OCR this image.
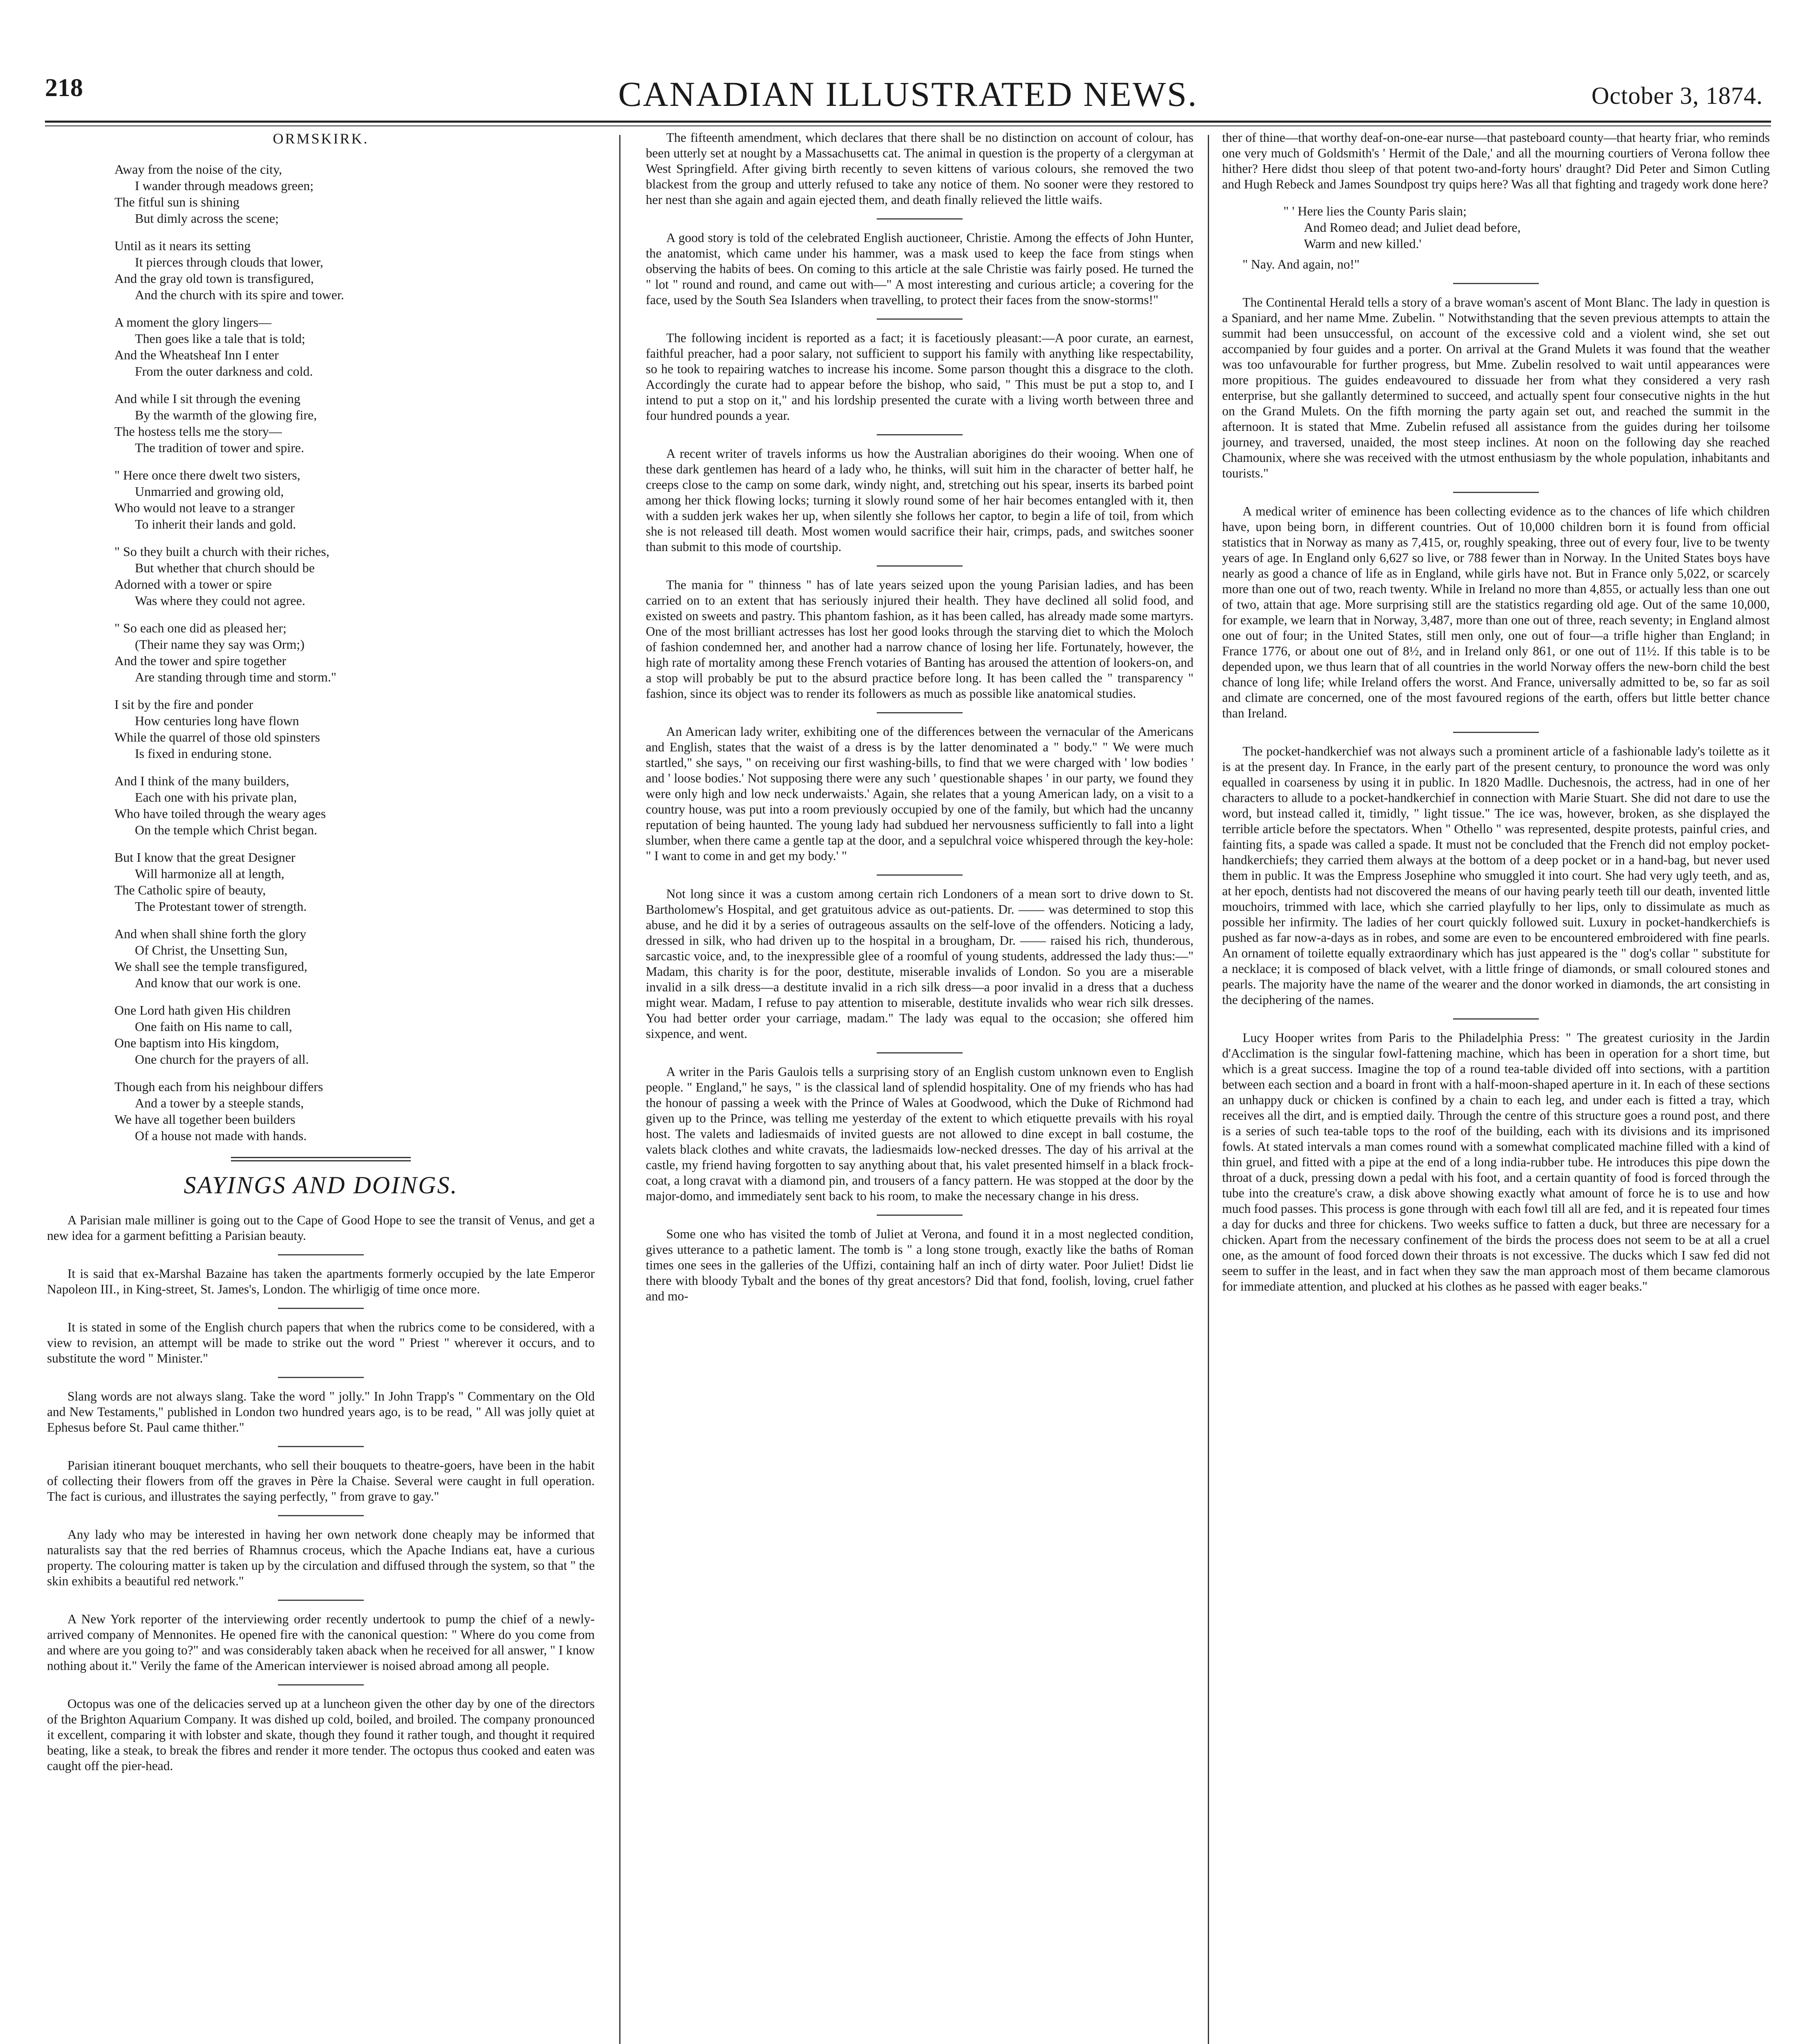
218	CANADIAN ILLUSTRATED NEWS.	October 3, 1874.
ORMSKIRK.
Away from the noise of the city,
I wander through meadows green;
The fitful sun is shining
But dimly across the scene;
Until as it nears its setting
It pierces through clouds that lower,
And the gray old town is transfigured,
And the church with its spire and tower.
A moment the glory lingers—
Then goes like a tale that is told;
And the Wheatsheaf Inn I enter
From the outer darkness and cold.
And while I sit through the evening
By the warmth of the glowing fire,
The hostess tells me the story—
The tradition of tower and spire.
" Here once there dwelt two sisters,
Unmarried and growing old,
Who would not leave to a stranger
To inherit their lands and gold.
" So they built a church with their riches,
But whether that church should be
Adorned with a tower or spire
Was where they could not agree.
" So each one did as pleased her;
(Their name they say was Orm;)
And the tower and spire together
Are standing through time and storm."
I sit by the fire and ponder
How centuries long have flown
While the quarrel of those old spinsters
Is fixed in enduring stone.
And I think of the many builders,
Each one with his private plan,
Who have toiled through the weary ages
On the temple which Christ began.
But I know that the great Designer
Will harmonize all at length,
The Catholic spire of beauty,
The Protestant tower of strength.
And when shall shine forth the glory
Of Christ, the Unsetting Sun,
We shall see the temple transfigured,
And know that our work is one.
One Lord hath given His children
One faith on His name to call,
One baptism into His kingdom,
One church for the prayers of all.
Though each from his neighbour differs
And a tower by a steeple stands,
We have all together been builders
Of a house not made with hands.
SAYINGS AND DOINGS.

A Parisian male milliner is going out to the Cape of Good Hope to see the transit of Venus, and get a new idea for a garment befitting a Parisian beauty.

It is said that ex-Marshal Bazaine has taken the apartments formerly occupied by the late Emperor Napoleon III., in King-street, St. James's, London. The whirligig of time once more.

It is stated in some of the English church papers that when the rubrics come to be considered, with a view to revision, an attempt will be made to strike out the word " Priest " wherever it occurs, and to substitute the word " Minister."

Slang words are not always slang. Take the word " jolly." In John Trapp's " Commentary on the Old and New Testaments," published in London two hundred years ago, is to be read, " All was jolly quiet at Ephesus before St. Paul came thither."

Parisian itinerant bouquet merchants, who sell their bouquets to theatre-goers, have been in the habit of collecting their flowers from off the graves in Père la Chaise. Several were caught in full operation. The fact is curious, and illustrates the saying perfectly, " from grave to gay."

Any lady who may be interested in having her own network done cheaply may be informed that naturalists say that the red berries of Rhamnus croceus, which the Apache Indians eat, have a curious property. The colouring matter is taken up by the circulation and diffused through the system, so that " the skin exhibits a beautiful red network."

A New York reporter of the interviewing order recently undertook to pump the chief of a newly-arrived company of Mennonites. He opened fire with the canonical question: " Where do you come from and where are you going to?" and was considerably taken aback when he received for all answer, " I know nothing about it." Verily the fame of the American interviewer is noised abroad among all people.

Octopus was one of the delicacies served up at a luncheon given the other day by one of the directors of the Brighton Aquarium Company. It was dished up cold, boiled, and broiled. The company pronounced it excellent, comparing it with lobster and skate, though they found it rather tough, and thought it required beating, like a steak, to break the fibres and render it more tender. The octopus thus cooked and eaten was caught off the pier-head.

The fifteenth amendment, which declares that there shall be no distinction on account of colour, has been utterly set at nought by a Massachusetts cat. The animal in question is the property of a clergyman at West Springfield. After giving birth recently to seven kittens of various colours, she removed the two blackest from the group and utterly refused to take any notice of them. No sooner were they restored to her nest than she again and again ejected them, and death finally relieved the little waifs.

A good story is told of the celebrated English auctioneer, Christie. Among the effects of John Hunter, the anatomist, which came under his hammer, was a mask used to keep the face from stings when observing the habits of bees. On coming to this article at the sale Christie was fairly posed. He turned the " lot " round and round, and came out with—" A most interesting and curious article; a covering for the face, used by the South Sea Islanders when travelling, to protect their faces from the snow-storms!"

The following incident is reported as a fact; it is facetiously pleasant:—A poor curate, an earnest, faithful preacher, had a poor salary, not sufficient to support his family with anything like respectability, so he took to repairing watches to increase his income. Some parson thought this a disgrace to the cloth. Accordingly the curate had to appear before the bishop, who said, " This must be put a stop to, and I intend to put a stop on it," and his lordship presented the curate with a living worth between three and four hundred pounds a year.

A recent writer of travels informs us how the Australian aborigines do their wooing. When one of these dark gentlemen has heard of a lady who, he thinks, will suit him in the character of better half, he creeps close to the camp on some dark, windy night, and, stretching out his spear, inserts its barbed point among her thick flowing locks; turning it slowly round some of her hair becomes entangled with it, then with a sudden jerk wakes her up, when silently she follows her captor, to begin a life of toil, from which she is not released till death. Most women would sacrifice their hair, crimps, pads, and switches sooner than submit to this mode of courtship.

The mania for " thinness " has of late years seized upon the young Parisian ladies, and has been carried on to an extent that has seriously injured their health. They have declined all solid food, and existed on sweets and pastry. This phantom fashion, as it has been called, has already made some martyrs. One of the most brilliant actresses has lost her good looks through the starving diet to which the Moloch of fashion condemned her, and another had a narrow chance of losing her life. Fortunately, however, the high rate of mortality among these French votaries of Banting has aroused the attention of lookers-on, and a stop will probably be put to the absurd practice before long. It has been called the " transparency " fashion, since its object was to render its followers as much as possible like anatomical studies.

An American lady writer, exhibiting one of the differences between the vernacular of the Americans and English, states that the waist of a dress is by the latter denominated a " body." " We were much startled," she says, " on receiving our first washing-bills, to find that we were charged with ' low bodies ' and ' loose bodies.' Not supposing there were any such ' questionable shapes ' in our party, we found they were only high and low neck underwaists.' Again, she relates that a young American lady, on a visit to a country house, was put into a room previously occupied by one of the family, but which had the uncanny reputation of being haunted. The young lady had subdued her nervousness sufficiently to fall into a light slumber, when there came a gentle tap at the door, and a sepulchral voice whispered through the key-hole: " I want to come in and get my body.' "

Not long since it was a custom among certain rich Londoners of a mean sort to drive down to St. Bartholomew's Hospital, and get gratuitous advice as out-patients. Dr. —— was determined to stop this abuse, and he did it by a series of outrageous assaults on the self-love of the offenders. Noticing a lady, dressed in silk, who had driven up to the hospital in a brougham, Dr. —— raised his rich, thunderous, sarcastic voice, and, to the inexpressible glee of a roomful of young students, addressed the lady thus:—" Madam, this charity is for the poor, destitute, miserable invalids of London. So you are a miserable invalid in a silk dress—a destitute invalid in a rich silk dress—a poor invalid in a dress that a duchess might wear. Madam, I refuse to pay attention to miserable, destitute invalids who wear rich silk dresses. You had better order your carriage, madam." The lady was equal to the occasion; she offered him sixpence, and went.

A writer in the Paris Gaulois tells a surprising story of an English custom unknown even to English people. " England," he says, " is the classical land of splendid hospitality. One of my friends who has had the honour of passing a week with the Prince of Wales at Goodwood, which the Duke of Richmond had given up to the Prince, was telling me yesterday of the extent to which etiquette prevails with his royal host. The valets and ladiesmaids of invited guests are not allowed to dine except in ball costume, the valets black clothes and white cravats, the ladiesmaids low-necked dresses. The day of his arrival at the castle, my friend having forgotten to say anything about that, his valet presented himself in a black frock-coat, a long cravat with a diamond pin, and trousers of a fancy pattern. He was stopped at the door by the major-domo, and immediately sent back to his room, to make the necessary change in his dress.

Some one who has visited the tomb of Juliet at Verona, and found it in a most neglected condition, gives utterance to a pathetic lament. The tomb is " a long stone trough, exactly like the baths of Roman times one sees in the galleries of the Uffizi, containing half an inch of dirty water. Poor Juliet! Didst lie there with bloody Tybalt and the bones of thy great ancestors? Did that fond, foolish, loving, cruel father and mo-

ther of thine—that worthy deaf-on-one-ear nurse—that pasteboard county—that hearty friar, who reminds one very much of Goldsmith's ' Hermit of the Dale,' and all the mourning courtiers of Verona follow thee hither? Here didst thou sleep of that potent two-and-forty hours' draught? Did Peter and Simon Cutling and Hugh Rebeck and James Soundpost try quips here? Was all that fighting and tragedy work done here?

" ' Here lies the County Paris slain;
And Romeo dead; and Juliet dead before,
Warm and new killed.'

" Nay. And again, no!"

The Continental Herald tells a story of a brave woman's ascent of Mont Blanc. The lady in question is a Spaniard, and her name Mme. Zubelin. " Notwithstanding that the seven previous attempts to attain the summit had been unsuccessful, on account of the excessive cold and a violent wind, she set out accompanied by four guides and a porter. On arrival at the Grand Mulets it was found that the weather was too unfavourable for further progress, but Mme. Zubelin resolved to wait until appearances were more propitious. The guides endeavoured to dissuade her from what they considered a very rash enterprise, but she gallantly determined to succeed, and actually spent four consecutive nights in the hut on the Grand Mulets. On the fifth morning the party again set out, and reached the summit in the afternoon. It is stated that Mme. Zubelin refused all assistance from the guides during her toilsome journey, and traversed, unaided, the most steep inclines. At noon on the following day she reached Chamounix, where she was received with the utmost enthusiasm by the whole population, inhabitants and tourists."

A medical writer of eminence has been collecting evidence as to the chances of life which children have, upon being born, in different countries. Out of 10,000 children born it is found from official statistics that in Norway as many as 7,415, or, roughly speaking, three out of every four, live to be twenty years of age. In England only 6,627 so live, or 788 fewer than in Norway. In the United States boys have nearly as good a chance of life as in England, while girls have not. But in France only 5,022, or scarcely more than one out of two, reach twenty. While in Ireland no more than 4,855, or actually less than one out of two, attain that age. More surprising still are the statistics regarding old age. Out of the same 10,000, for example, we learn that in Norway, 3,487, more than one out of three, reach seventy; in England almost one out of four; in the United States, still men only, one out of four—a trifle higher than England; in France 1776, or about one out of 8½, and in Ireland only 861, or one out of 11½. If this table is to be depended upon, we thus learn that of all countries in the world Norway offers the new-born child the best chance of long life; while Ireland offers the worst. And France, universally admitted to be, so far as soil and climate are concerned, one of the most favoured regions of the earth, offers but little better chance than Ireland.

The pocket-handkerchief was not always such a prominent article of a fashionable lady's toilette as it is at the present day. In France, in the early part of the present century, to pronounce the word was only equalled in coarseness by using it in public. In 1820 Madlle. Duchesnois, the actress, had in one of her characters to allude to a pocket-handkerchief in connection with Marie Stuart. She did not dare to use the word, but instead called it, timidly, " light tissue." The ice was, however, broken, as she displayed the terrible article before the spectators. When " Othello " was represented, despite protests, painful cries, and fainting fits, a spade was called a spade. It must not be concluded that the French did not employ pocket-handkerchiefs; they carried them always at the bottom of a deep pocket or in a hand-bag, but never used them in public. It was the Empress Josephine who smuggled it into court. She had very ugly teeth, and as, at her epoch, dentists had not discovered the means of our having pearly teeth till our death, invented little mouchoirs, trimmed with lace, which she carried playfully to her lips, only to dissimulate as much as possible her infirmity. The ladies of her court quickly followed suit. Luxury in pocket-handkerchiefs is pushed as far now-a-days as in robes, and some are even to be encountered embroidered with fine pearls. An ornament of toilette equally extraordinary which has just appeared is the " dog's collar " substitute for a necklace; it is composed of black velvet, with a little fringe of diamonds, or small coloured stones and pearls. The majority have the name of the wearer and the donor worked in diamonds, the art consisting in the deciphering of the names.

Lucy Hooper writes from Paris to the Philadelphia Press: " The greatest curiosity in the Jardin d'Acclimation is the singular fowl-fattening machine, which has been in operation for a short time, but which is a great success. Imagine the top of a round tea-table divided off into sections, with a partition between each section and a board in front with a half-moon-shaped aperture in it. In each of these sections an unhappy duck or chicken is confined by a chain to each leg, and under each is fitted a tray, which receives all the dirt, and is emptied daily. Through the centre of this structure goes a round post, and there is a series of such tea-table tops to the roof of the building, each with its divisions and its imprisoned fowls. At stated intervals a man comes round with a somewhat complicated machine filled with a kind of thin gruel, and fitted with a pipe at the end of a long india-rubber tube. He introduces this pipe down the throat of a duck, pressing down a pedal with his foot, and a certain quantity of food is forced through the tube into the creature's craw, a disk above showing exactly what amount of force he is to use and how much food passes. This process is gone through with each fowl till all are fed, and it is repeated four times a day for ducks and three for chickens. Two weeks suffice to fatten a duck, but three are necessary for a chicken. Apart from the necessary confinement of the birds the process does not seem to be at all a cruel one, as the amount of food forced down their throats is not excessive. The ducks which I saw fed did not seem to suffer in the least, and in fact when they saw the man approach most of them became clamorous for immediate attention, and plucked at his clothes as he passed with eager beaks."
